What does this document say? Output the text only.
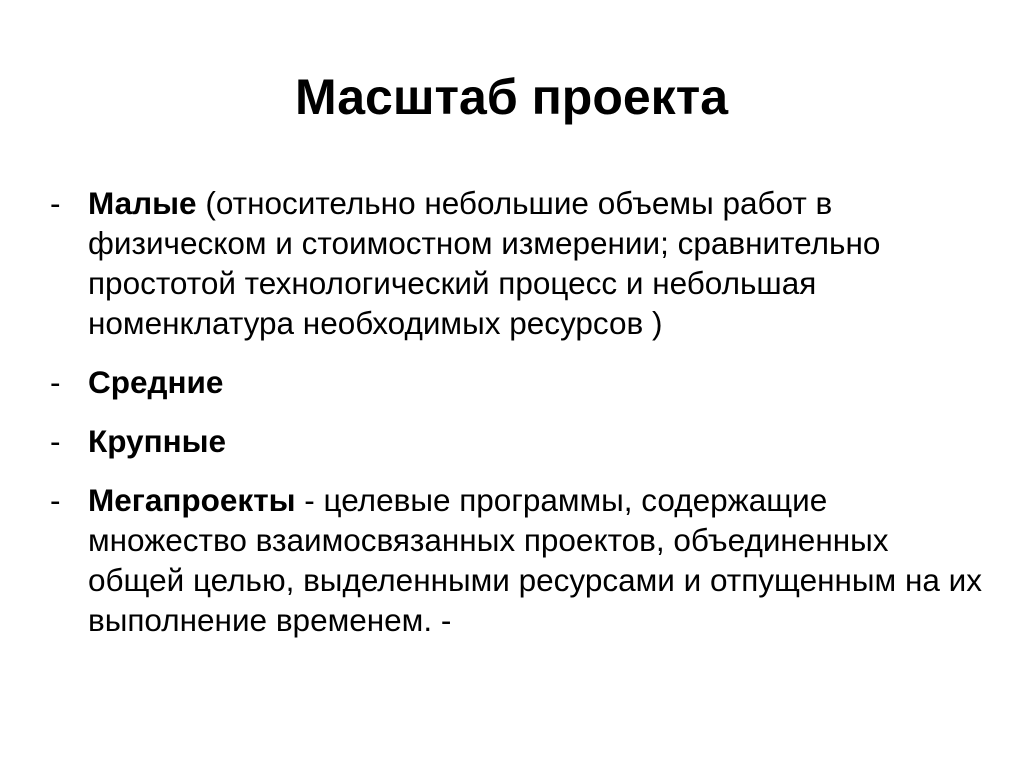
Масштаб проекта
- Малые (относительно небольшие объемы работ в физическом и стоимостном измерении; сравнительно простотой технологический процесс и небольшая номенклатура необходимых ресурсов )
- Средние
- Крупные
- Мегапроекты - целевые программы, содержащие множество взаимосвязанных проектов, объединенных общей целью, выделенными ресурсами и отпущенным на их выполнение временем. -
